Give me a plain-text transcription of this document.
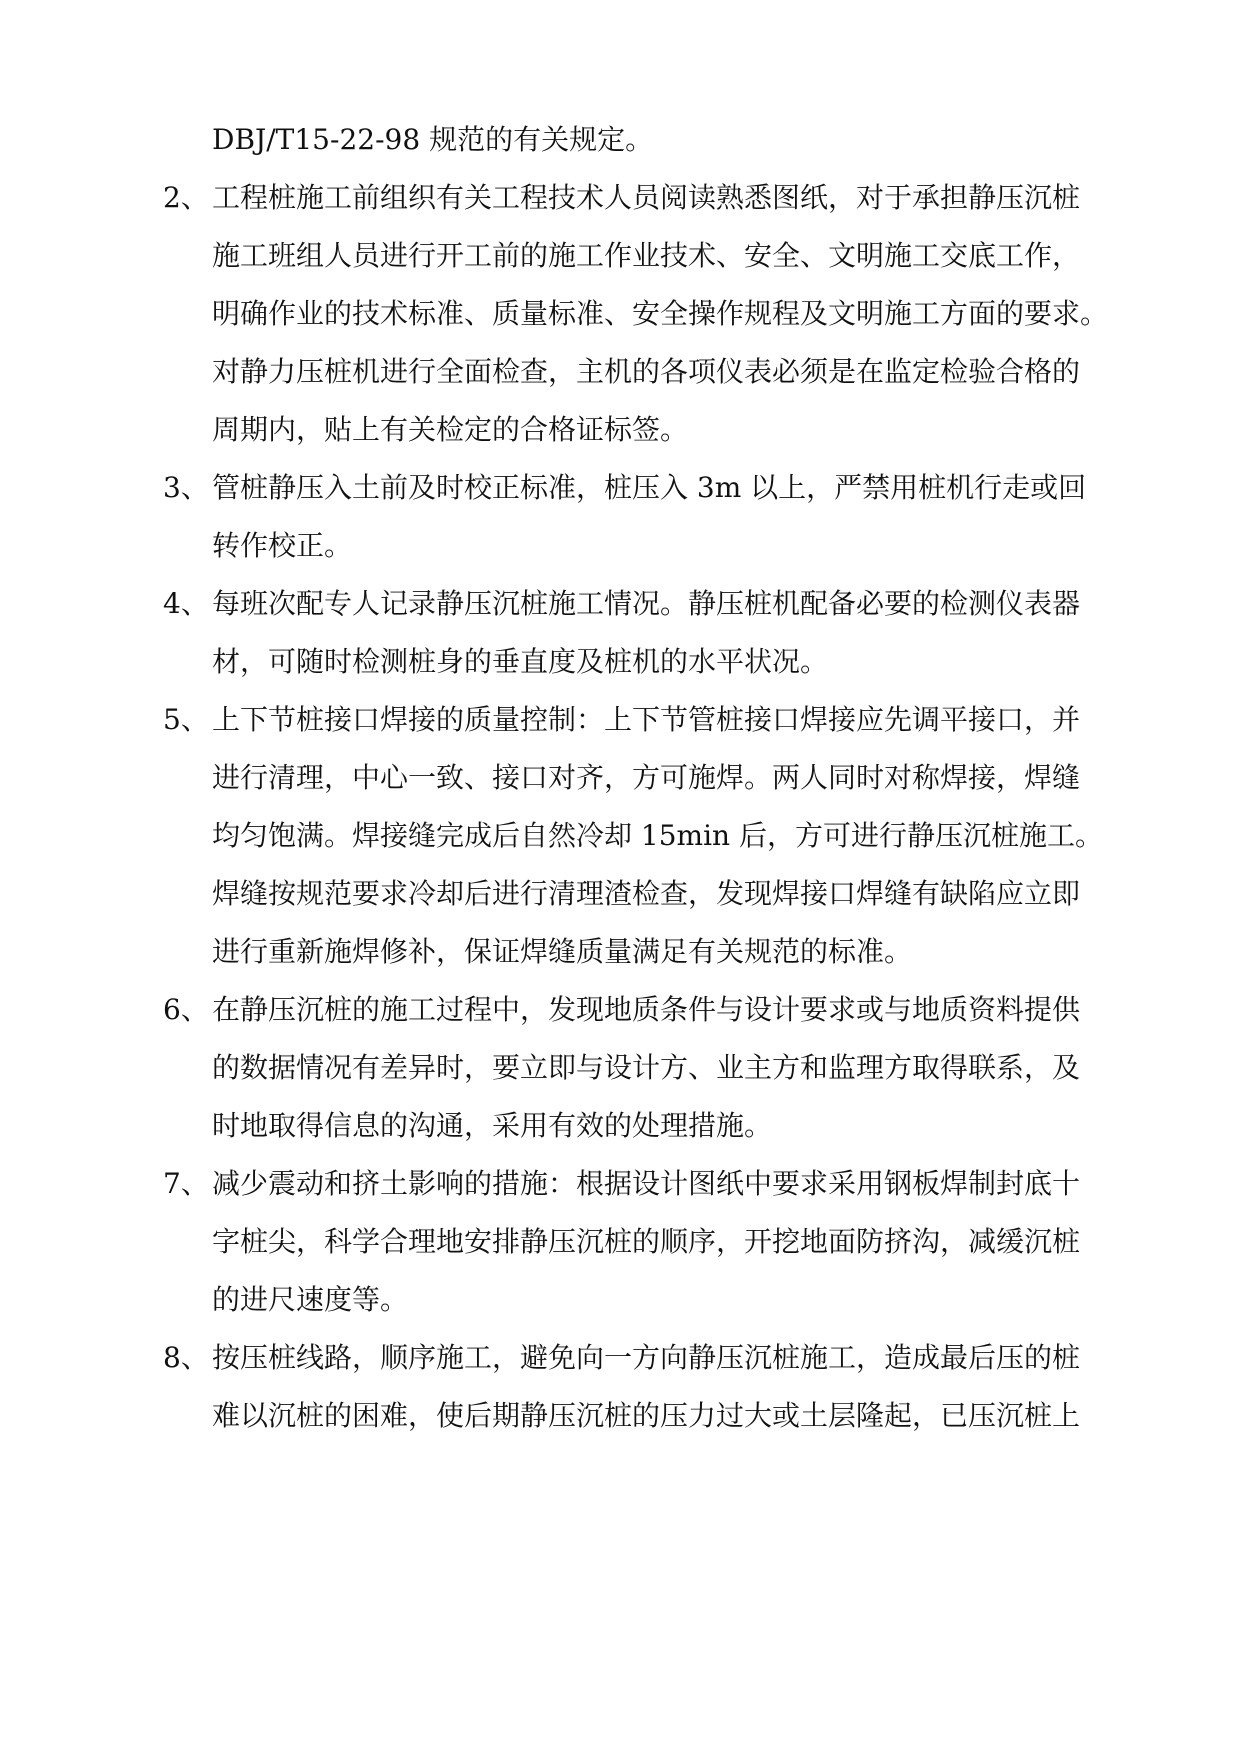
DBJ/T15-22-98 规范的有关规定。
2、 工程桩施工前组织有关工程技术人员阅读熟悉图纸，对于承担静压沉桩
施工班组人员进行开工前的施工作业技术、安全、文明施工交底工作，
明确作业的技术标准、质量标准、安全操作规程及文明施工方面的要求。
对静力压桩机进行全面检查，主机的各项仪表必须是在监定检验合格的
周期内，贴上有关检定的合格证标签。
3、 管桩静压入土前及时校正标准，桩压入 3m 以上，严禁用桩机行走或回
转作校正。
4、 每班次配专人记录静压沉桩施工情况。静压桩机配备必要的检测仪表器
材，可随时检测桩身的垂直度及桩机的水平状况。
5、 上下节桩接口焊接的质量控制：上下节管桩接口焊接应先调平接口，并
进行清理，中心一致、接口对齐，方可施焊。两人同时对称焊接，焊缝
均匀饱满。焊接缝完成后自然冷却 15min 后，方可进行静压沉桩施工。
焊缝按规范要求冷却后进行清理渣检查，发现焊接口焊缝有缺陷应立即
进行重新施焊修补，保证焊缝质量满足有关规范的标准。
6、 在静压沉桩的施工过程中，发现地质条件与设计要求或与地质资料提供
的数据情况有差异时，要立即与设计方、业主方和监理方取得联系，及
时地取得信息的沟通，采用有效的处理措施。
7、 减少震动和挤土影响的措施：根据设计图纸中要求采用钢板焊制封底十
字桩尖，科学合理地安排静压沉桩的顺序，开挖地面防挤沟，减缓沉桩
的进尺速度等。
8、 按压桩线路，顺序施工，避免向一方向静压沉桩施工，造成最后压的桩
难以沉桩的困难，使后期静压沉桩的压力过大或土层隆起，已压沉桩上
